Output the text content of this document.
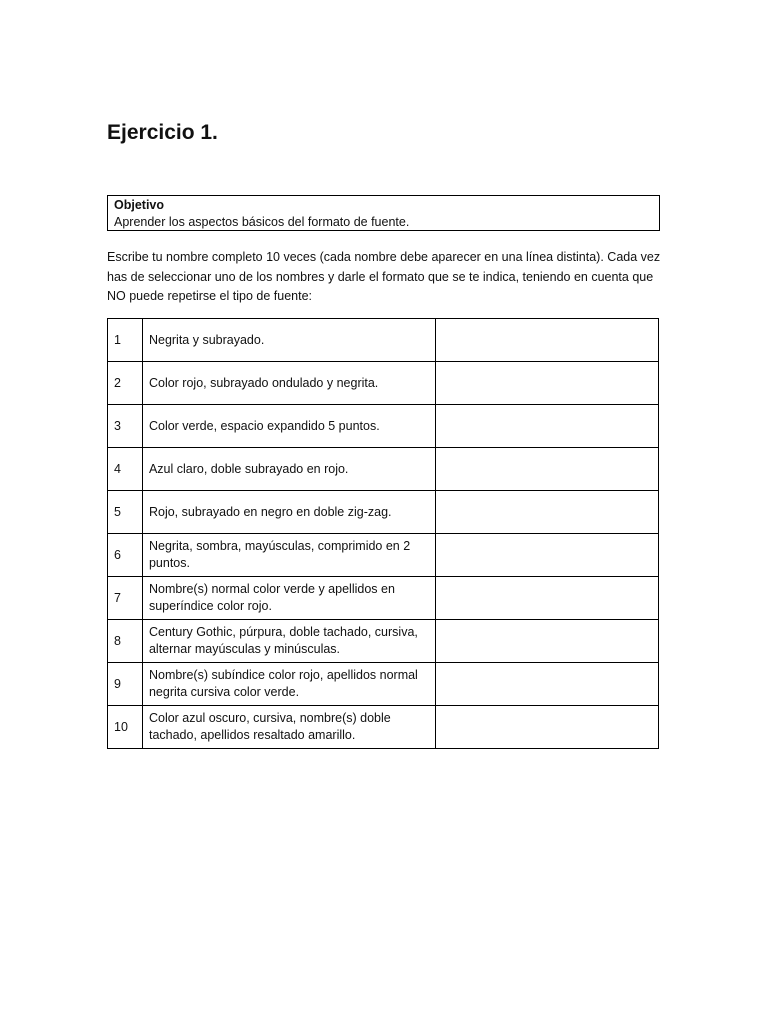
Ejercicio 1.
Objetivo
Aprender los aspectos básicos del formato de fuente.

Escribe tu nombre completo 10 veces (cada nombre debe aparecer en una línea distinta). Cada vez has de seleccionar uno de los nombres y darle el formato que se te indica, teniendo en cuenta que NO puede repetirse el tipo de fuente:

1	Negrita y subrayado.	
2	Color rojo, subrayado ondulado y negrita.	
3	Color verde, espacio expandido 5 puntos.	
4	Azul claro, doble subrayado en rojo.	
5	Rojo, subrayado en negro en doble zig-zag.	
6	Negrita, sombra, mayúsculas, comprimido en 2 puntos.	
7	Nombre(s) normal color verde y apellidos en superíndice color rojo.	
8	Century Gothic, púrpura, doble tachado, cursiva, alternar mayúsculas y minúsculas.	
9	Nombre(s) subíndice color rojo, apellidos normal negrita cursiva color verde.	
10	Color azul oscuro, cursiva, nombre(s) doble tachado, apellidos resaltado amarillo.	
